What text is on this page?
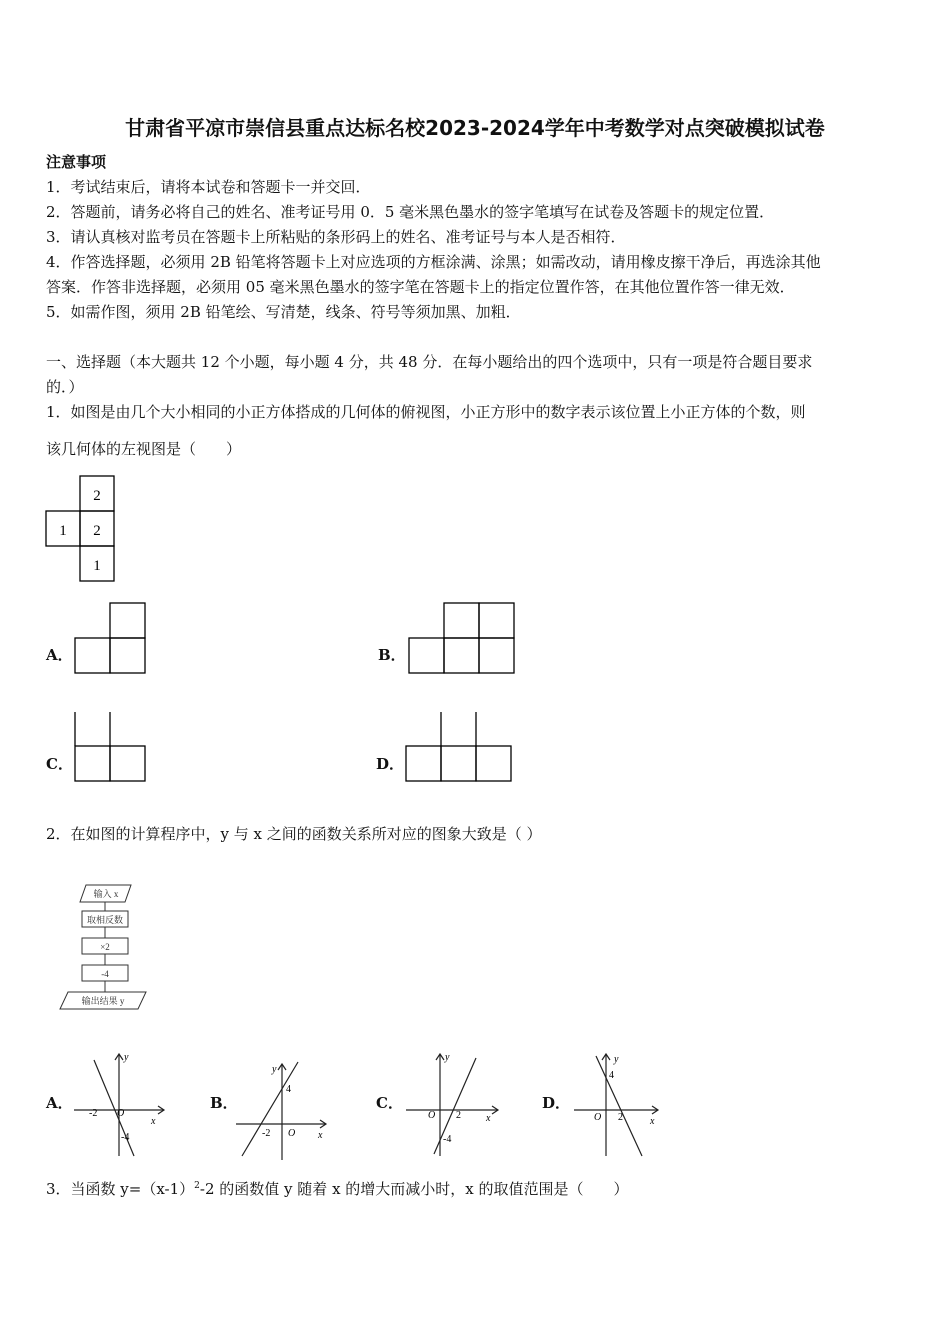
甘肃省平凉市崇信县重点达标名校2023-2024学年中考数学对点突破模拟试卷
注意事项
1．考试结束后，请将本试卷和答题卡一并交回．
2．答题前，请务必将自己的姓名、准考证号用 0．5 毫米黑色墨水的签字笔填写在试卷及答题卡的规定位置．
3．请认真核对监考员在答题卡上所粘贴的条形码上的姓名、准考证号与本人是否相符．
4．作答选择题，必须用 2B 铅笔将答题卡上对应选项的方框涂满、涂黑；如需改动，请用橡皮擦干净后，再选涂其他
答案．作答非选择题，必须用 05 毫米黑色墨水的签字笔在答题卡上的指定位置作答，在其他位置作答一律无效．
5．如需作图，须用 2B 铅笔绘、写清楚，线条、符号等须加黑、加粗．
一、选择题（本大题共 12 个小题，每小题 4 分，共 48 分．在每小题给出的四个选项中，只有一项是符合题目要求
的．）
1．如图是由几个大小相同的小正方体搭成的几何体的俯视图，小正方形中的数字表示该位置上小正方体的个数，则
该几何体的左视图是（　　）
2
1 2
1
A．	B．
C．	D．
2．在如图的计算程序中，y 与 x 之间的函数关系所对应的图象大致是（ ）
输入 x
取相反数
×2
-4
输出结果 y
A．
y
x
O
-2
-4
B．
y
x
O
-2
4
C．
y
x
O 2
-4
D．
y
x
O 2
4
3．当函数 $y=(x-1)^2-2$ 的函数值 y 随着 x 的增大而减小时，x 的取值范围是（　　）
